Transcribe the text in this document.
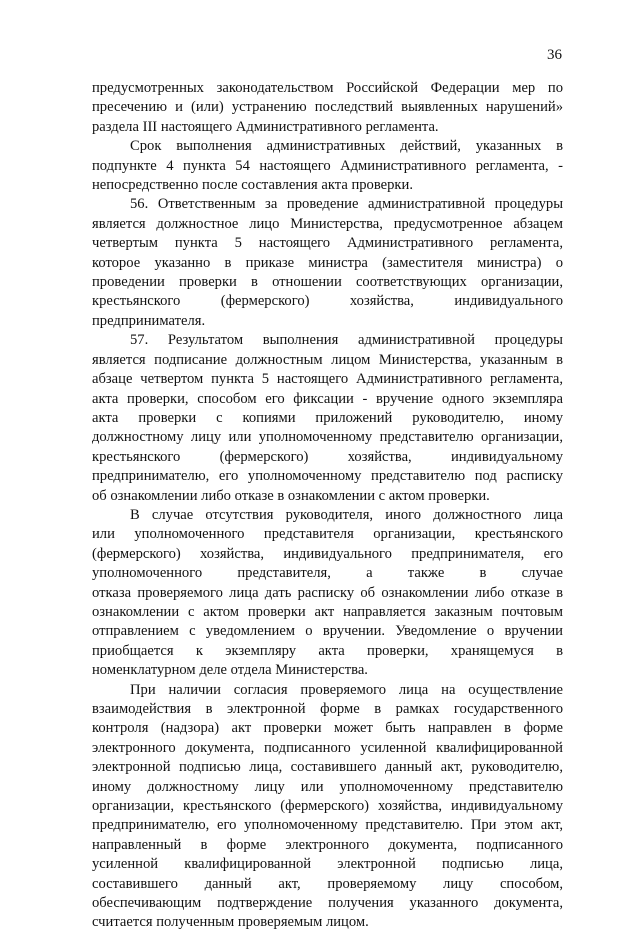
36

предусмотренных законодательством Российской Федерации мер по
пресечению и (или) устранению последствий выявленных нарушений»
раздела III настоящего Административного регламента.

Срок выполнения административных действий, указанных в
подпункте 4 пункта 54 настоящего Административного регламента, -
непосредственно после составления акта проверки.

56. Ответственным за проведение административной процедуры
является должностное лицо Министерства, предусмотренное абзацем
четвертым пункта 5 настоящего Административного регламента,
которое указанно в приказе министра (заместителя министра) о
проведении проверки в отношении соответствующих организации,
крестьянского (фермерского) хозяйства, индивидуального
предпринимателя.

57. Результатом выполнения административной процедуры
является подписание должностным лицом Министерства, указанным в
абзаце четвертом пункта 5 настоящего Административного регламента,
акта проверки, способом его фиксации - вручение одного экземпляра
акта проверки с копиями приложений руководителю, иному
должностному лицу или уполномоченному представителю организации,
крестьянского (фермерского) хозяйства, индивидуальному
предпринимателю, его уполномоченному представителю под расписку
об ознакомлении либо отказе в ознакомлении с актом проверки.

В случае отсутствия руководителя, иного должностного лица
или уполномоченного представителя организации, крестьянского
(фермерского) хозяйства, индивидуального предпринимателя, его
уполномоченного представителя, а также в случае
отказа проверяемого лица дать расписку об ознакомлении либо отказе в
ознакомлении с актом проверки акт направляется заказным почтовым
отправлением с уведомлением о вручении. Уведомление о вручении
приобщается к экземпляру акта проверки, хранящемуся в
номенклатурном деле отдела Министерства.

При наличии согласия проверяемого лица на осуществление
взаимодействия в электронной форме в рамках государственного
контроля (надзора) акт проверки может быть направлен в форме
электронного документа, подписанного усиленной квалифицированной
электронной подписью лица, составившего данный акт, руководителю,
иному должностному лицу или уполномоченному представителю
организации, крестьянского (фермерского) хозяйства, индивидуальному
предпринимателю, его уполномоченному представителю. При этом акт,
направленный в форме электронного документа, подписанного
усиленной квалифицированной электронной подписью лица,
составившего данный акт, проверяемому лицу способом,
обеспечивающим подтверждение получения указанного документа,
считается полученным проверяемым лицом.
